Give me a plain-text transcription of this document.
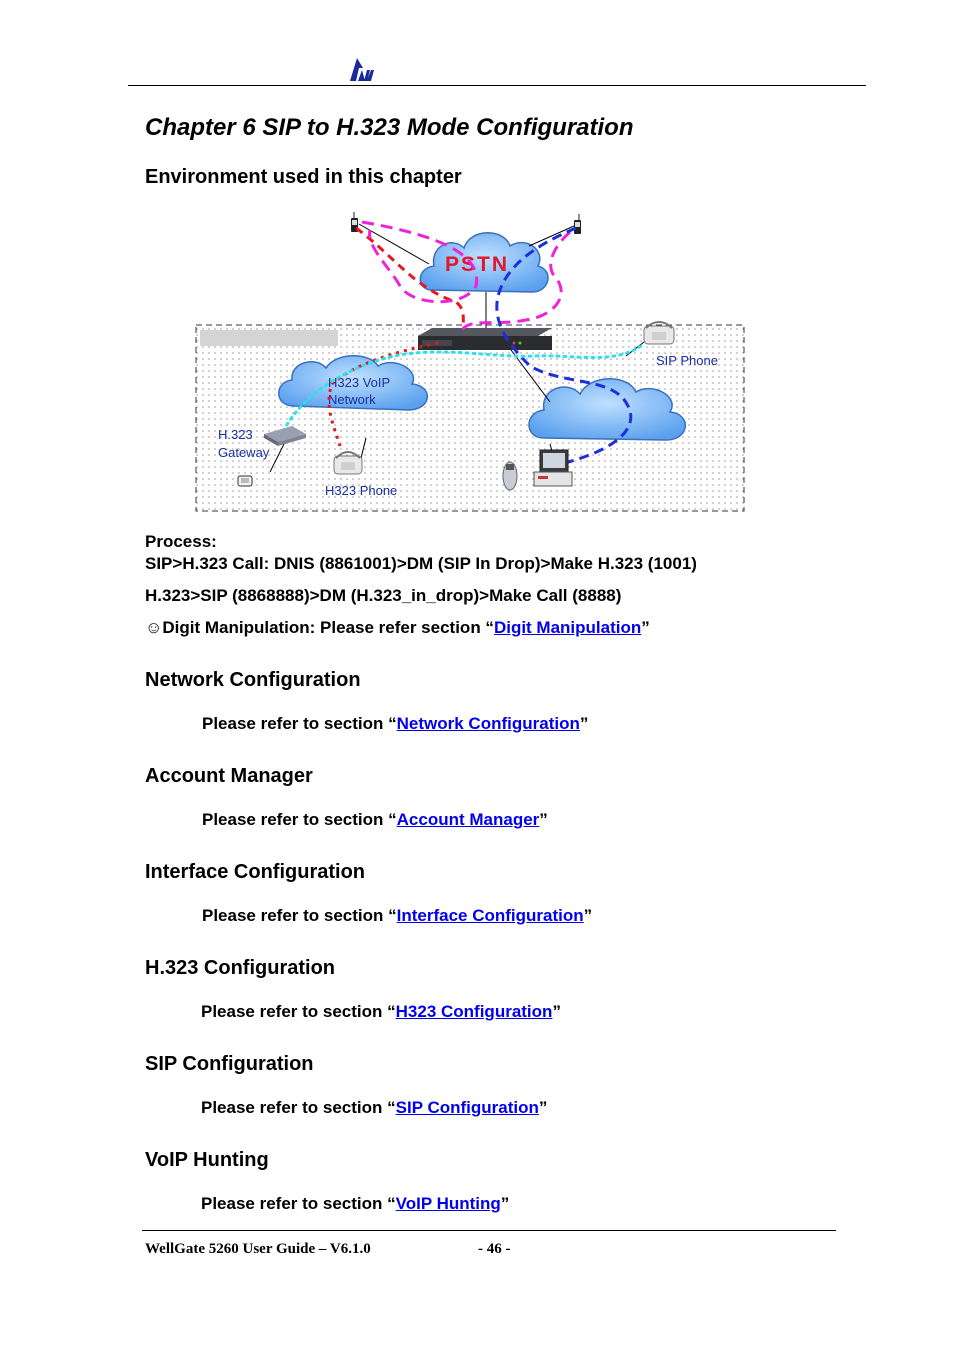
Chapter 6 SIP to H.323 Mode Configuration
Environment used in this chapter
PSTN
H323 VoIP
Network
SIP Phone
H.323
Gateway
H323 Phone
Process:
SIP>H.323 Call: DNIS (8861001)>DM (SIP In Drop)>Make H.323 (1001)
H.323>SIP (8868888)>DM (H.323_in_drop)>Make Call (8888)
☺Digit Manipulation: Please refer section “Digit Manipulation”
Network Configuration
Please refer to section “Network Configuration”
Account Manager
Please refer to section “Account Manager”
Interface Configuration
Please refer to section “Interface Configuration”
H.323 Configuration
Please refer to section “H323 Configuration”
SIP Configuration
Please refer to section “SIP Configuration”
VoIP Hunting
Please refer to section “VoIP Hunting”
WellGate 5260 User Guide – V6.1.0	- 46 -
